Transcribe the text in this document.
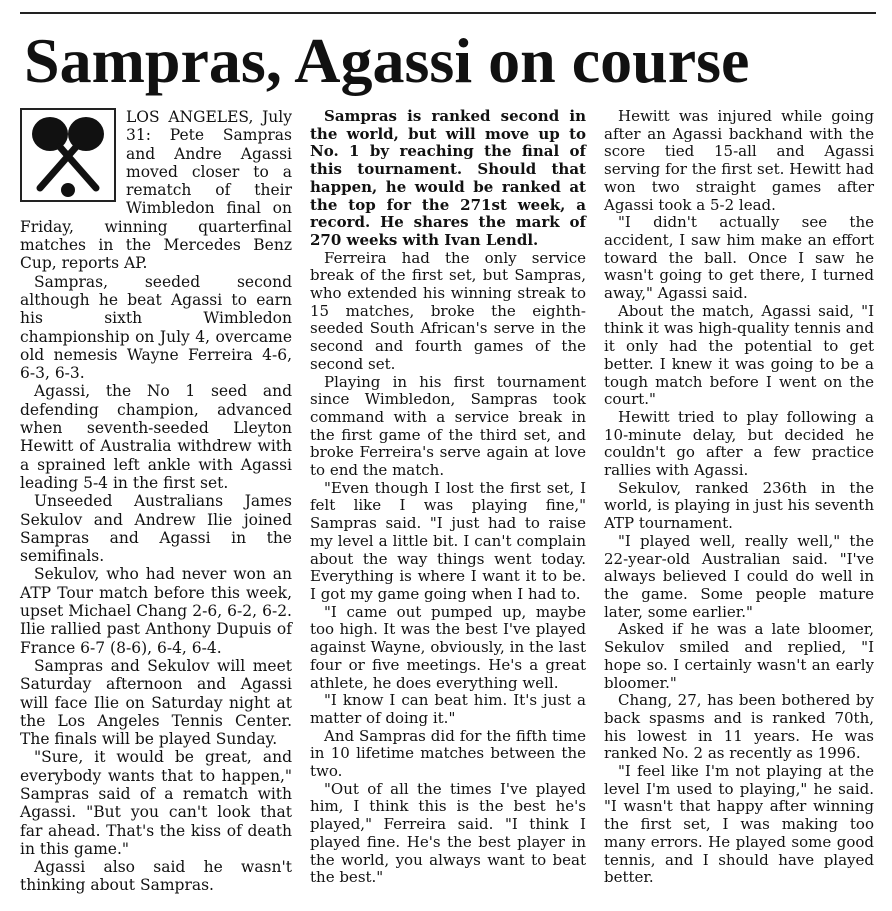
Sampras, Agassi on course

LOS ANGELES, July 31: Pete Sampras and Andre Agassi moved closer to a rematch of their Wimbledon final on Friday, winning quarterfinal matches in the Mercedes Benz Cup, reports AP.

Sampras, seeded second although he beat Agassi to earn his sixth Wimbledon championship on July 4, overcame old nemesis Wayne Ferreira 4-6, 6-3, 6-3.

Agassi, the No 1 seed and defending champion, advanced when seventh-seeded Lleyton Hewitt of Australia withdrew with a sprained left ankle with Agassi leading 5-4 in the first set.

Unseeded Australians James Sekulov and Andrew Ilie joined Sampras and Agassi in the semifinals.

Sekulov, who had never won an ATP Tour match before this week, upset Michael Chang 2-6, 6-2, 6-2. Ilie rallied past Anthony Dupuis of France 6-7 (8-6), 6-4, 6-4.

Sampras and Sekulov will meet Saturday afternoon and Agassi will face Ilie on Saturday night at the Los Angeles Tennis Center. The finals will be played Sunday.

"Sure, it would be great, and everybody wants that to happen," Sampras said of a rematch with Agassi. "But you can't look that far ahead. That's the kiss of death in this game."

Agassi also said he wasn't thinking about Sampras.

Sampras is ranked second in the world, but will move up to No. 1 by reaching the final of this tournament. Should that happen, he would be ranked at the top for the 271st week, a record. He shares the mark of 270 weeks with Ivan Lendl.

Ferreira had the only service break of the first set, but Sampras, who extended his winning streak to 15 matches, broke the eighth-seeded South African's serve in the second and fourth games of the second set.

Playing in his first tournament since Wimbledon, Sampras took command with a service break in the first game of the third set, and broke Ferreira's serve again at love to end the match.

"Even though I lost the first set, I felt like I was playing fine," Sampras said. "I just had to raise my level a little bit. I can't complain about the way things went today. Everything is where I want it to be. I got my game going when I had to.

"I came out pumped up, maybe too high. It was the best I've played against Wayne, obviously, in the last four or five meetings. He's a great athlete, he does everything well.

"I know I can beat him. It's just a matter of doing it."

And Sampras did for the fifth time in 10 lifetime matches between the two.

"Out of all the times I've played him, I think this is the best he's played," Ferreira said. "I think I played fine. He's the best player in the world, you always want to beat the best."

Hewitt was injured while going after an Agassi backhand with the score tied 15-all and Agassi serving for the first set. Hewitt had won two straight games after Agassi took a 5-2 lead.

"I didn't actually see the accident, I saw him make an effort toward the ball. Once I saw he wasn't going to get there, I turned away," Agassi said.

About the match, Agassi said, "I think it was high-quality tennis and it only had the potential to get better. I knew it was going to be a tough match before I went on the court."

Hewitt tried to play following a 10-minute delay, but decided he couldn't go after a few practice rallies with Agassi.

Sekulov, ranked 236th in the world, is playing in just his seventh ATP tournament.

"I played well, really well," the 22-year-old Australian said. "I've always believed I could do well in the game. Some people mature later, some earlier."

Asked if he was a late bloomer, Sekulov smiled and replied, "I hope so. I certainly wasn't an early bloomer."

Chang, 27, has been bothered by back spasms and is ranked 70th, his lowest in 11 years. He was ranked No. 2 as recently as 1996.

"I feel like I'm not playing at the level I'm used to playing," he said. "I wasn't that happy after winning the first set, I was making too many errors. He played some good tennis, and I should have played better.
